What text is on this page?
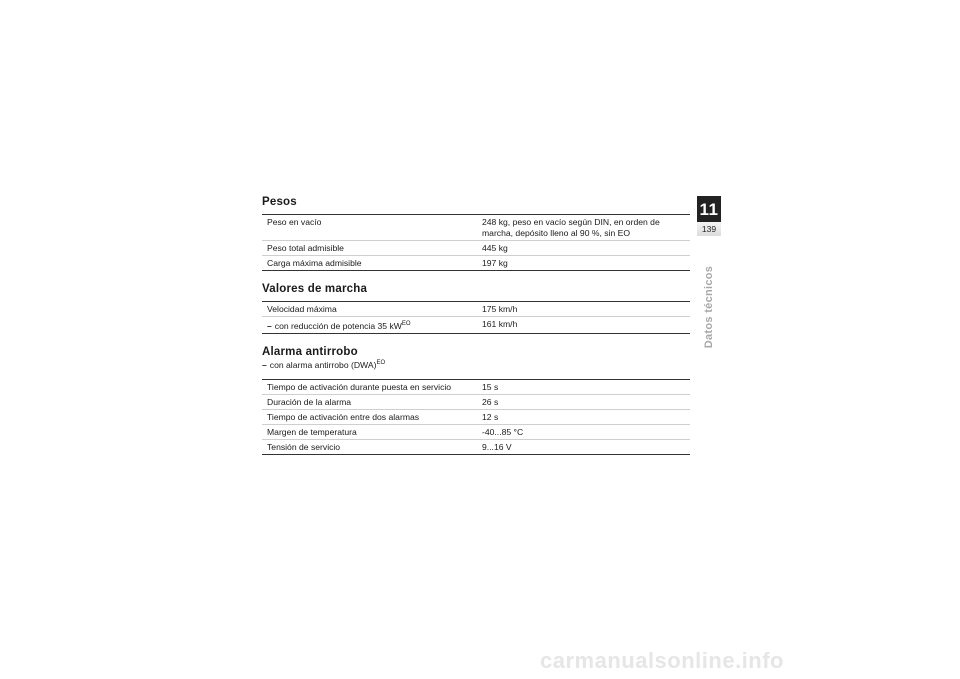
Pesos
Peso en vacío	248 kg, peso en vacío según DIN, en orden de marcha, depósito lleno al 90 %, sin EO
Peso total admisible	445 kg
Carga máxima admisible	197 kg
Valores de marcha
Velocidad máxima	175 km/h
– con reducción de potencia 35 $kW^{EO}$	161 km/h
Alarma antirrobo
– con alarma antirrobo (DWA)$^{EO}$
Tiempo de activación durante puesta en servicio	15 s
Duración de la alarma	26 s
Tiempo de activación entre dos alarmas	12 s
Margen de temperatura	-40...85 °C
Tensión de servicio	9...16 V
11
139
Datos técnicos
carmanualsonline.info
